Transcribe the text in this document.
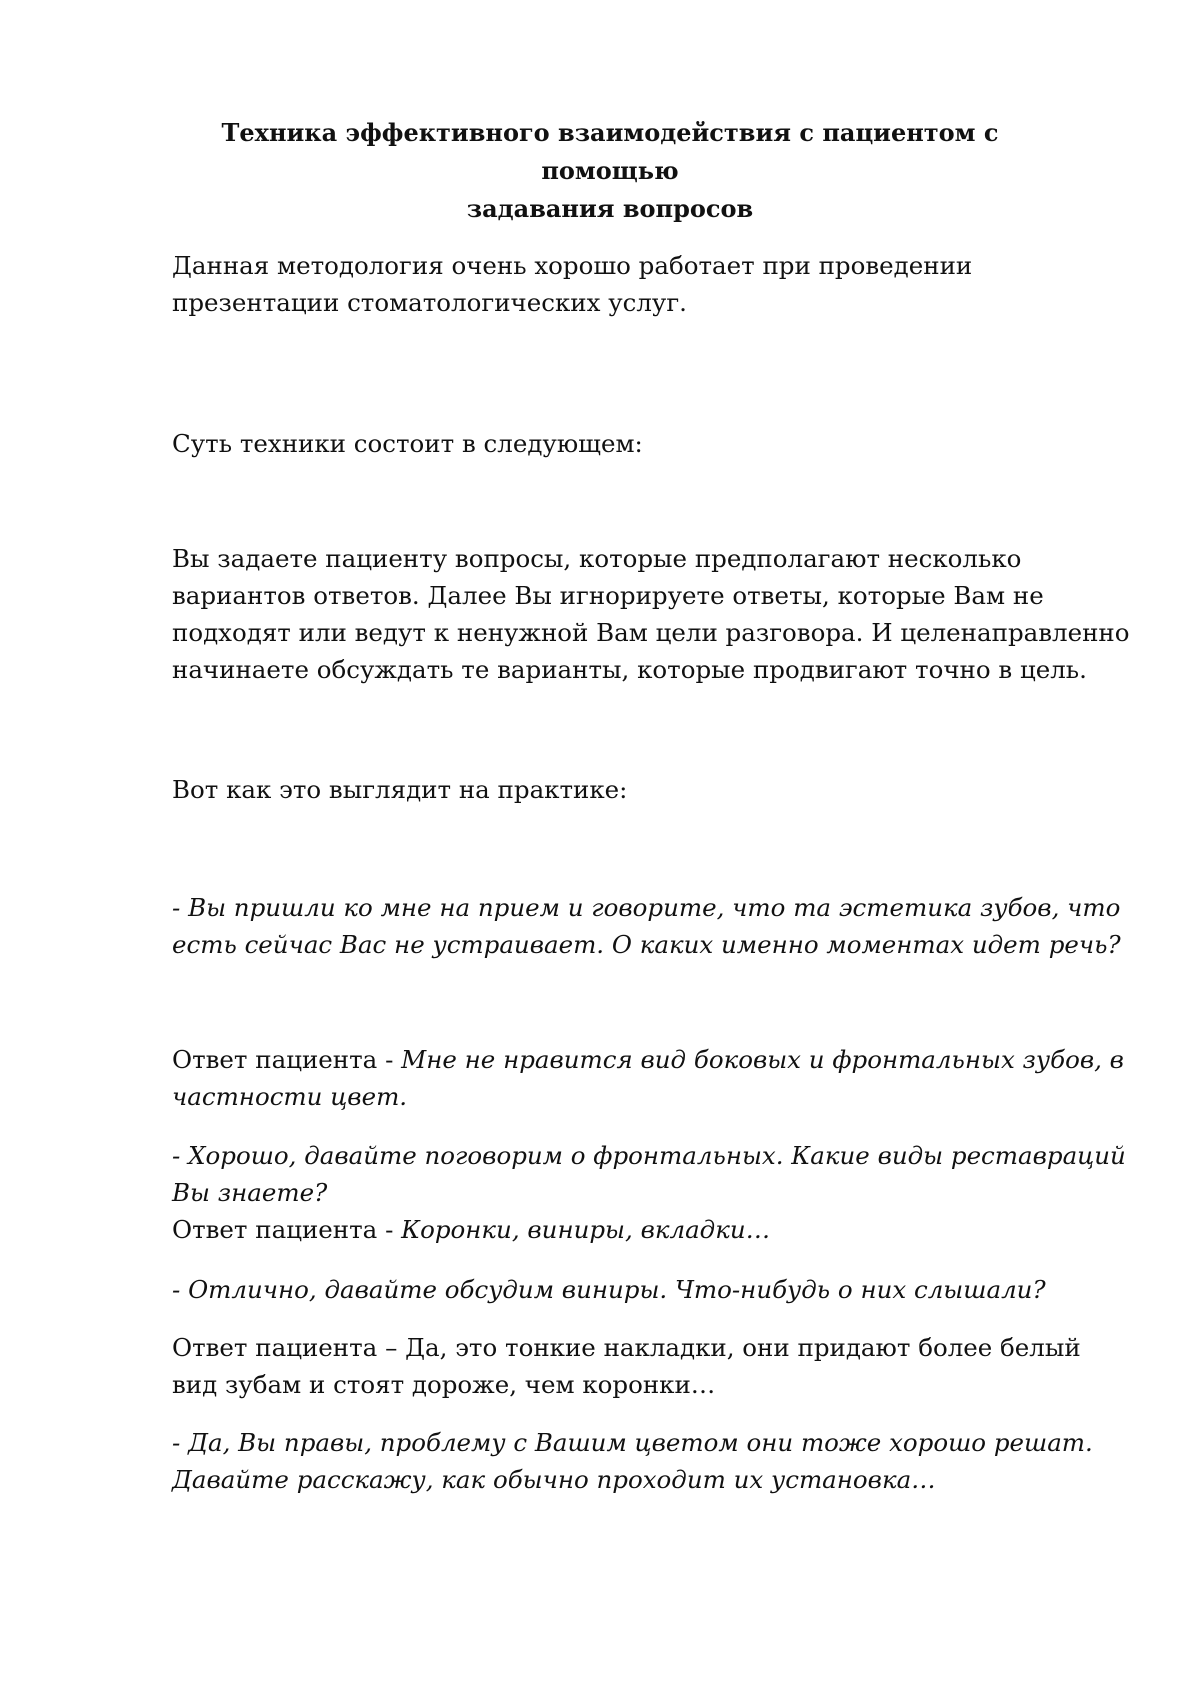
Техника эффективного взаимодействия с пациентом с помощью
задавания вопросов
Данная методология очень хорошо работает при проведении
презентации стоматологических услуг.
Суть техники состоит в следующем:
Вы задаете пациенту вопросы, которые предполагают несколько
вариантов ответов. Далее Вы игнорируете ответы, которые Вам не
подходят или ведут к ненужной Вам цели разговора. И целенаправленно
начинаете обсуждать те варианты, которые продвигают точно в цель.
Вот как это выглядит на практике:
- Вы пришли ко мне на прием и говорите, что та эстетика зубов, что
есть сейчас Вас не устраивает. О каких именно моментах идет речь?
Ответ пациента - Мне не нравится вид боковых и фронтальных зубов, в
частности цвет.
- Хорошо, давайте поговорим о фронтальных. Какие виды реставраций
Вы знаете?
Ответ пациента - Коронки, виниры, вкладки…
- Отлично, давайте обсудим виниры. Что-нибудь о них слышали?
Ответ пациента – Да, это тонкие накладки, они придают более белый
вид зубам и стоят дороже, чем коронки…
- Да, Вы правы, проблему с Вашим цветом они тоже хорошо решат.
Давайте расскажу, как обычно проходит их установка…
